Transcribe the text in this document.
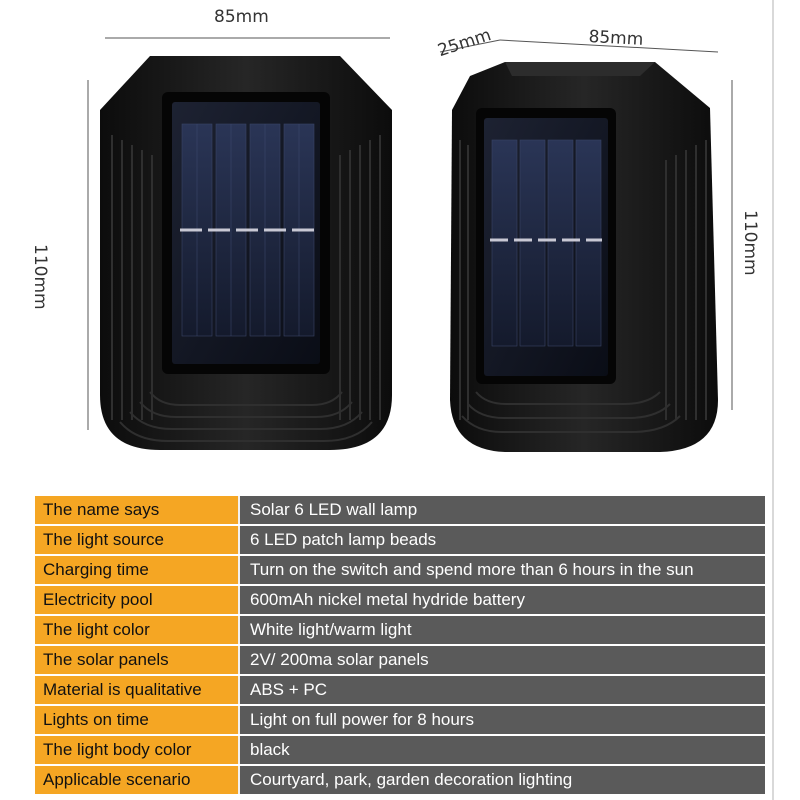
85mm
110mm
25mm	85mm
110mm
The name says	Solar 6 LED wall lamp
The light source	6 LED patch lamp beads
Charging time	Turn on the switch and spend more than 6 hours in the sun
Electricity pool	600mAh nickel metal hydride battery
The light color	White light/warm light
The solar panels	2V/ 200ma solar panels
Material is qualitative	ABS + PC
Lights on time	Light on full power for 8 hours
The light body color	black
Applicable scenario	Courtyard, park, garden decoration lighting
